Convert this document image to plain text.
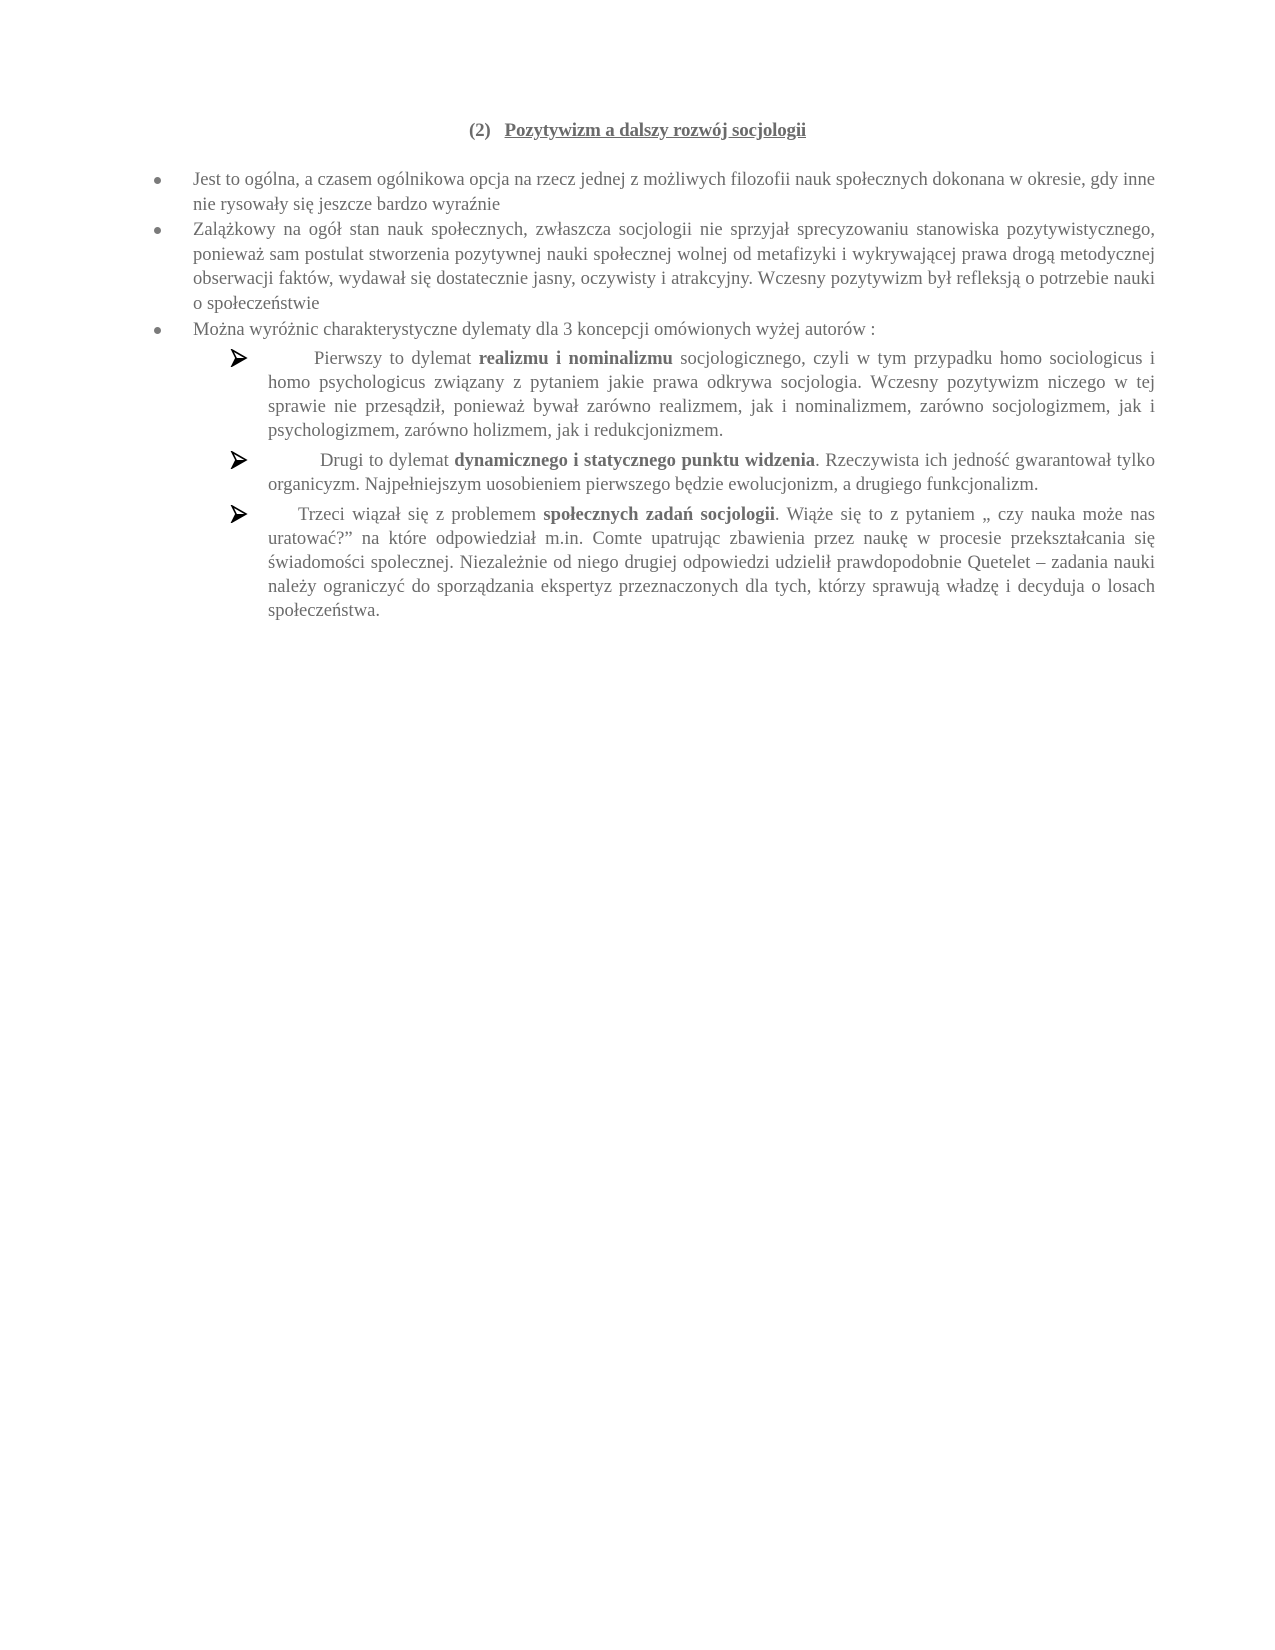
(2) Pozytywizm a dalszy rozwój socjologii
Jest to ogólna, a czasem ogólnikowa opcja na rzecz jednej z możliwych filozofii nauk społecznych dokonana w okresie, gdy inne nie rysowały się jeszcze bardzo wyraźnie
Zalążkowy na ogół stan nauk społecznych, zwłaszcza socjologii nie sprzyjał sprecyzowaniu stanowiska pozytywistycznego, ponieważ sam postulat stworzenia pozytywnej nauki społecznej wolnej od metafizyki i wykrywającej prawa drogą metodycznej obserwacji faktów, wydawał się dostatecznie jasny, oczywisty i atrakcyjny. Wczesny pozytywizm był refleksją o potrzebie nauki o społeczeństwie
Można wyróżnic charakterystyczne dylematy dla 3 koncepcji omówionych wyżej autorów :
Pierwszy to dylemat realizmu i nominalizmu socjologicznego, czyli w tym przypadku homo sociologicus i homo psychologicus związany z pytaniem jakie prawa odkrywa socjologia. Wczesny pozytywizm niczego w tej sprawie nie przesądził, ponieważ bywał zarówno realizmem, jak i nominalizmem, zarówno socjologizmem, jak i psychologizmem, zarówno holizmem, jak i redukcjonizmem.
Drugi to dylemat dynamicznego i statycznego punktu widzenia. Rzeczywista ich jedność gwarantował tylko organicyzm. Najpełniejszym uosobieniem pierwszego będzie ewolucjonizm, a drugiego funkcjonalizm.
Trzeci wiązał się z problemem społecznych zadań socjologii. Wiąże się to z pytaniem „ czy nauka może nas uratować?” na które odpowiedział m.in. Comte upatrując zbawienia przez naukę w procesie przekształcania się świadomości spolecznej. Niezależnie od niego drugiej odpowiedzi udzielił prawdopodobnie Quetelet – zadania nauki należy ograniczyć do sporządzania ekspertyz przeznaczonych dla tych, którzy sprawują władzę i decyduja o losach społeczeństwa.
